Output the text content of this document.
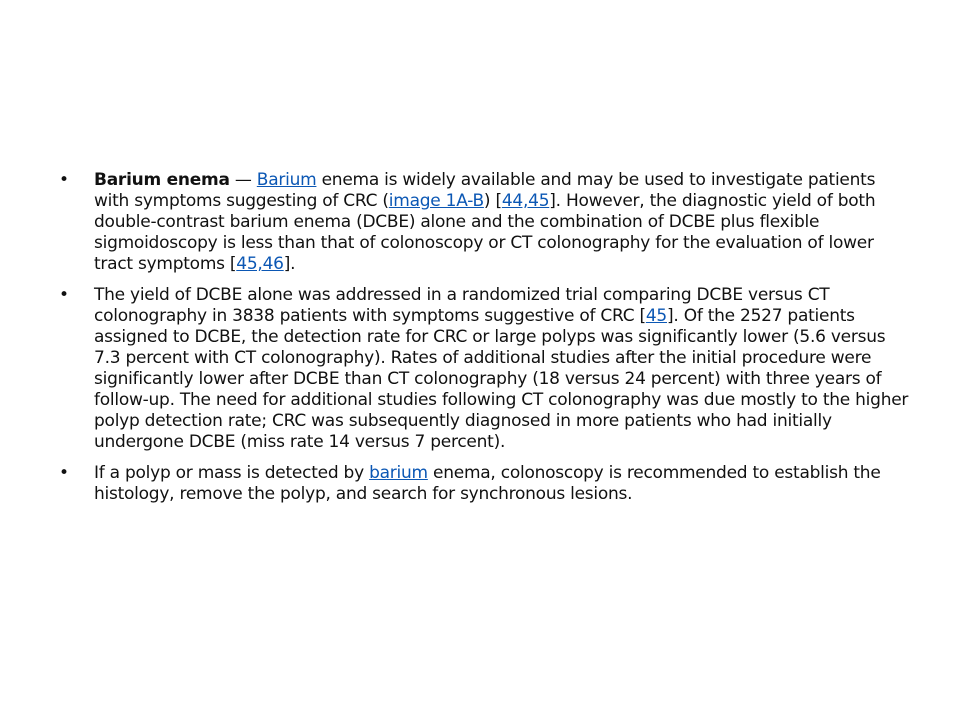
• Barium enema — Barium enema is widely available and may be used to investigate patients with symptoms suggesting of CRC (image 1A-B) [44,45]. However, the diagnostic yield of both double-contrast barium enema (DCBE) alone and the combination of DCBE plus flexible sigmoidoscopy is less than that of colonoscopy or CT colonography for the evaluation of lower tract symptoms [45,46].
• The yield of DCBE alone was addressed in a randomized trial comparing DCBE versus CT colonography in 3838 patients with symptoms suggestive of CRC [45]. Of the 2527 patients assigned to DCBE, the detection rate for CRC or large polyps was significantly lower (5.6 versus 7.3 percent with CT colonography). Rates of additional studies after the initial procedure were significantly lower after DCBE than CT colonography (18 versus 24 percent) with three years of follow-up. The need for additional studies following CT colonography was due mostly to the higher polyp detection rate; CRC was subsequently diagnosed in more patients who had initially undergone DCBE (miss rate 14 versus 7 percent).
• If a polyp or mass is detected by barium enema, colonoscopy is recommended to establish the histology, remove the polyp, and search for synchronous lesions.
